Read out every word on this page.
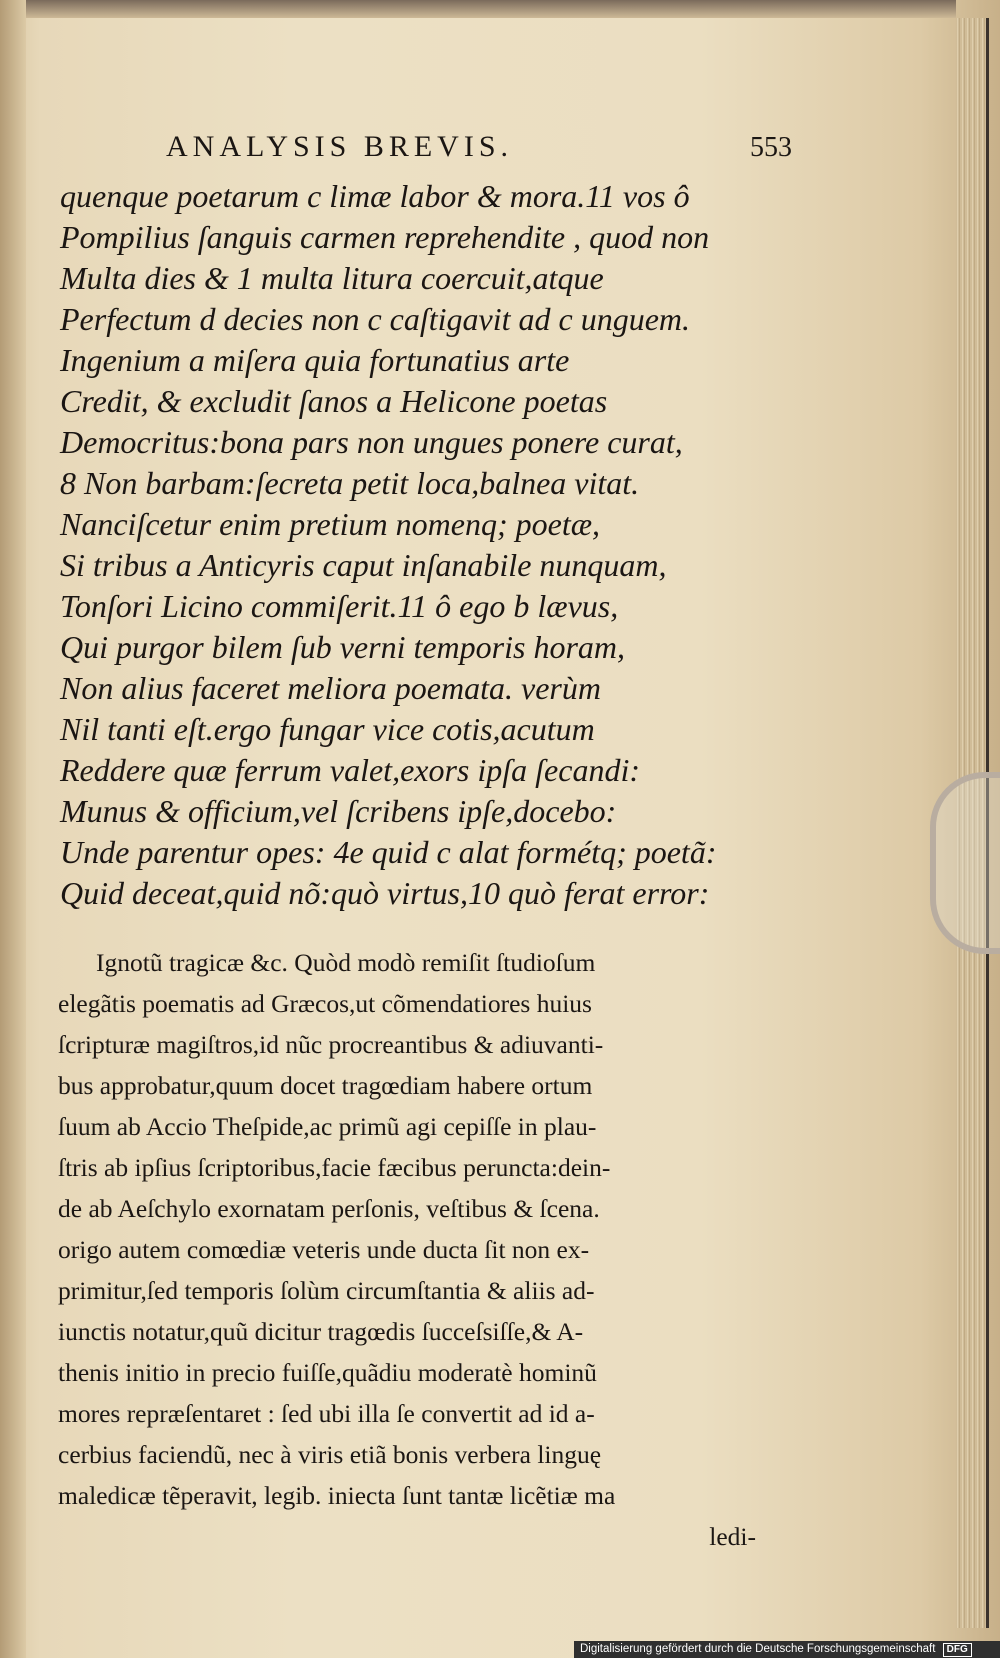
ANALYSIS BREVIS.	553
quenque poetarum c limæ labor & mora.11 vos ô
Pompilius ſanguis carmen reprehendite , quod non
Multa dies & 1 multa litura coercuit,atque
Perfectum d decies non c caſtigavit ad c unguem.
Ingenium a miſera quia fortunatius arte
Credit, & excludit ſanos a Helicone poetas
Democritus:bona pars non ungues ponere curat,
8 Non barbam:ſecreta petit loca,balnea vitat.
Nanciſcetur enim pretium nomenq; poetæ,
Si tribus a Anticyris caput inſanabile nunquam,
Tonſori Licino commiſerit.11 ô ego b lævus,
Qui purgor bilem ſub verni temporis horam,
Non alius faceret meliora poemata. verùm
Nil tanti eſt.ergo fungar vice cotis,acutum
Reddere quæ ferrum valet,exors ipſa ſecandi:
Munus & officium,vel ſcribens ipſe,docebo:
Unde parentur opes: 4e quid c alat formétq; poetã:
Quid deceat,quid nõ:quò virtus,10 quò ferat error:
Ignotũ tragicæ &c. Quòd modò remiſit ſtudioſum
elegãtis poematis ad Græcos,ut cõmendatiores huius
ſcripturæ magiſtros,id nũc procreantibus & adiuvanti-
bus approbatur,quum docet tragœdiam habere ortum
ſuum ab Accio Theſpide,ac primũ agi cepiſſe in plau-
ſtris ab ipſius ſcriptoribus,facie fæcibus peruncta:dein-
de ab Aeſchylo exornatam perſonis, veſtibus & ſcena.
origo autem comœdiæ veteris unde ducta ſit non ex-
primitur,ſed temporis ſolùm circumſtantia & aliis ad-
iunctis notatur,quũ dicitur tragœdis ſucceſsiſſe,& A-
thenis initio in precio fuiſſe,quãdiu moderatè hominũ
mores repræſentaret : ſed ubi illa ſe convertit ad id a-
cerbius faciendũ, nec à viris etiã bonis verbera linguę
maledicæ tẽperavit, legib. iniecta ſunt tantæ licẽtiæ ma
ledi-
Digitalisierung gefördert durch die Deutsche Forschungsgemeinschaft DFG
